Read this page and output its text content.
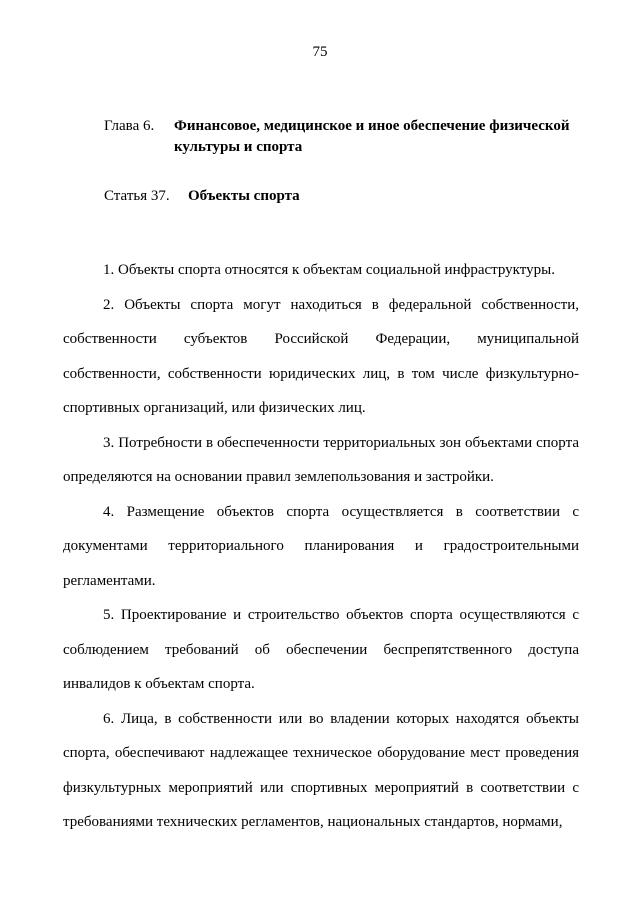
75
Глава 6. Финансовое, медицинское и иное обеспечение физической культуры и спорта
Статья 37. Объекты спорта

1. Объекты спорта относятся к объектам социальной инфраструктуры.

2. Объекты спорта могут находиться в федеральной собственности, собственности субъектов Российской Федерации, муниципальной собственности, собственности юридических лиц, в том числе физкультурно-спортивных организаций, или физических лиц.

3. Потребности в обеспеченности территориальных зон объектами спорта определяются на основании правил землепользования и застройки.

4. Размещение объектов спорта осуществляется в соответствии с документами территориального планирования и градостроительными регламентами.

5. Проектирование и строительство объектов спорта осуществляются с соблюдением требований об обеспечении беспрепятственного доступа инвалидов к объектам спорта.

6. Лица, в собственности или во владении которых находятся объекты спорта, обеспечивают надлежащее техническое оборудование мест проведения физкультурных мероприятий или спортивных мероприятий в соответствии с требованиями технических регламентов, национальных стандартов, нормами,
